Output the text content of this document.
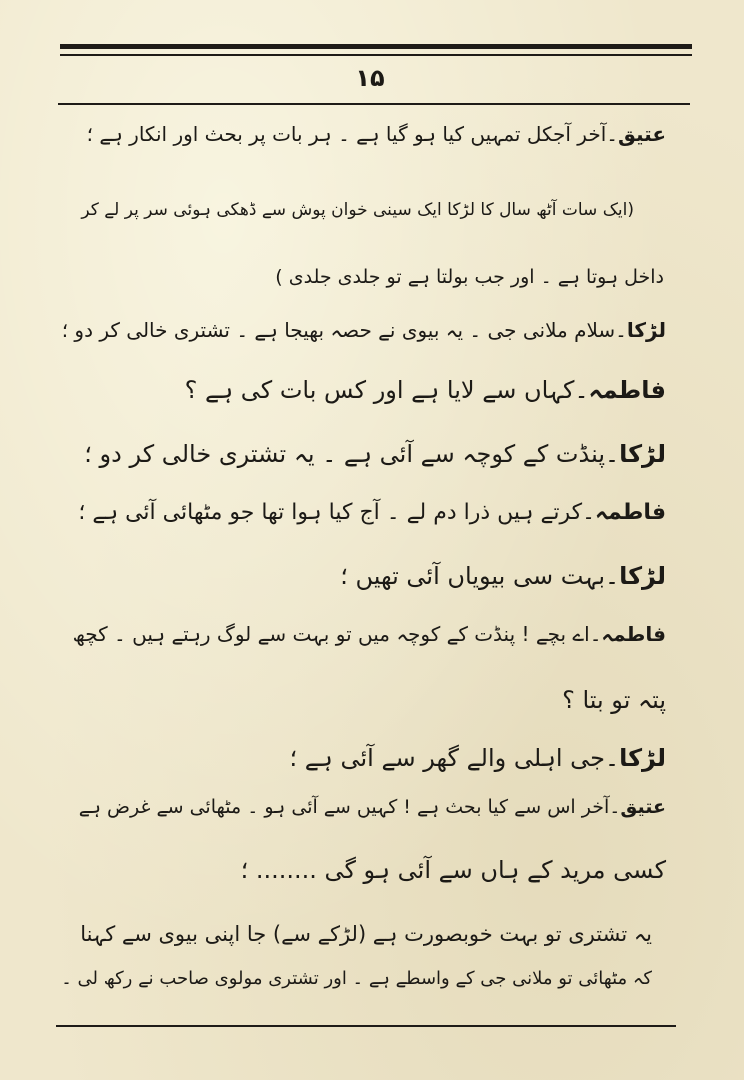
۱۵
عتیق۔آخر آجکل تمہیں کیا ہو گیا ہے ۔ ہر بات پر بحث اور انکار ہے ؛
(ایک سات آٹھ سال کا لڑکا ایک سینی خوان پوش سے ڈھکی ہوئی سر پر لے کر
داخل ہوتا ہے ۔ اور جب بولتا ہے تو جلدی جلدی )
لڑکا۔سلام ملانی جی ۔ یہ بیوی نے حصہ بھیجا ہے ۔ تشتری خالی کر دو ؛
فاطمہ۔کہاں سے لایا ہے اور کس بات کی ہے ؟
لڑکا۔پنڈت کے کوچہ سے آئی ہے ۔ یہ تشتری خالی کر دو ؛
فاطمہ۔کرتے ہیں ذرا دم لے ۔ آج کیا ہوا تھا جو مٹھائی آئی ہے ؛
لڑکا۔بہت سی بیویاں آئی تھیں ؛
فاطمہ۔اے بچے ! پنڈت کے کوچہ میں تو بہت سے لوگ رہتے ہیں ۔ کچھ
پتہ تو بتا ؟
لڑکا۔جی اہلی والے گھر سے آئی ہے ؛
عتیق۔آخر اس سے کیا بحث ہے ! کہیں سے آئی ہو ۔ مٹھائی سے غرض ہے
کسی مرید کے ہاں سے آئی ہو گی ........ ؛
یہ تشتری تو بہت خوبصورت ہے (لڑکے سے) جا اپنی بیوی سے کہنا
کہ مٹھائی تو ملانی جی کے واسطے ہے ۔ اور تشتری مولوی صاحب نے رکھ لی ۔
